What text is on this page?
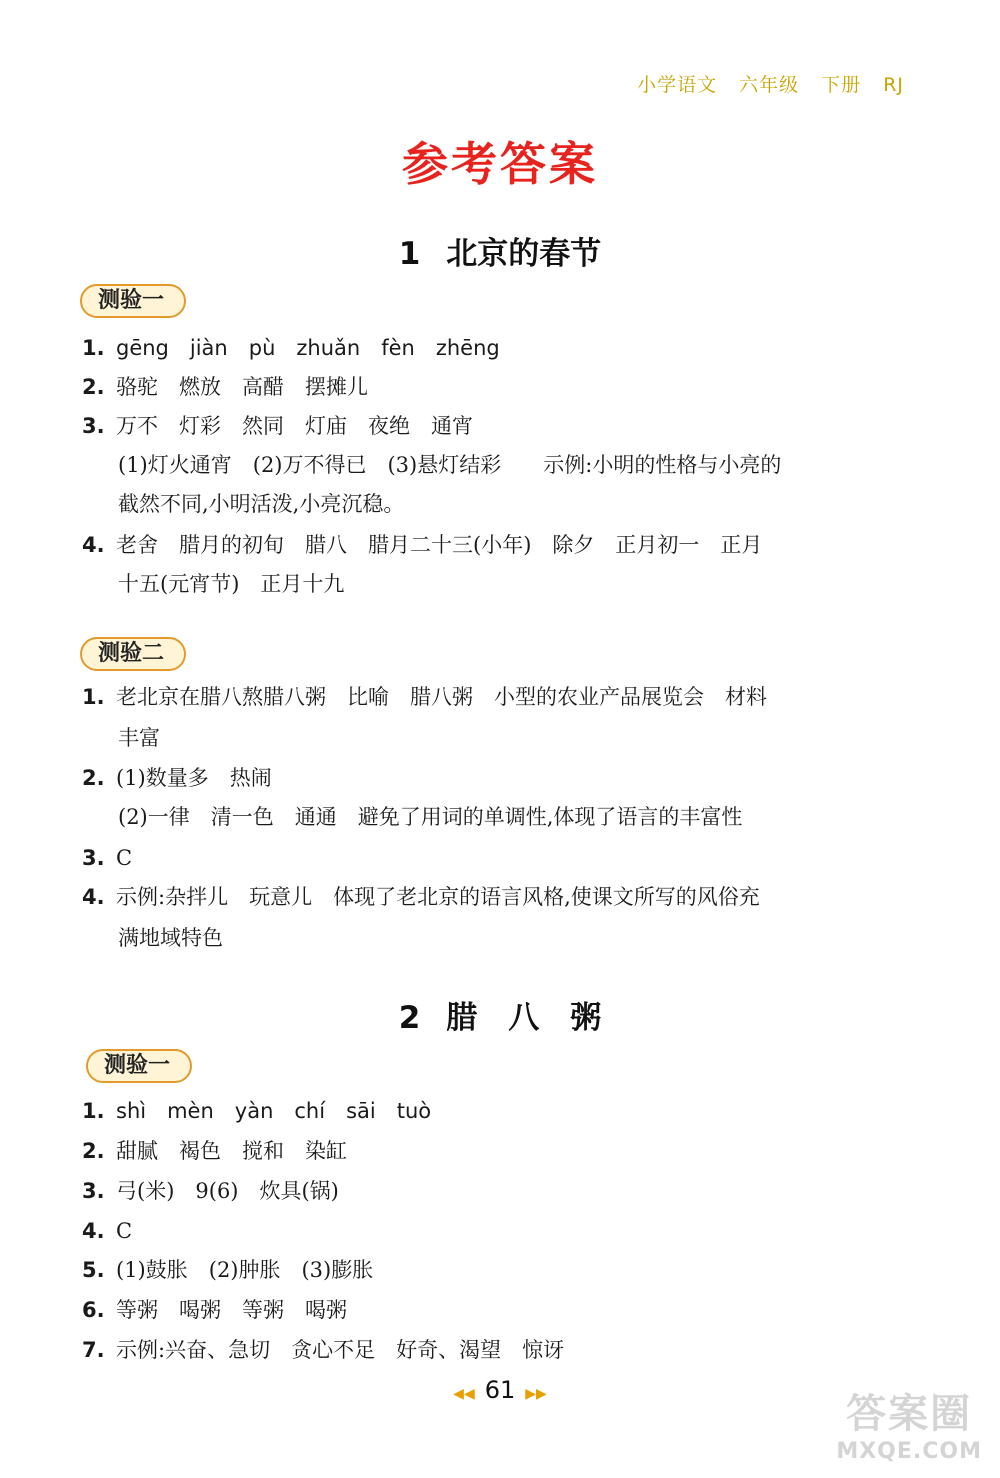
小学语文 六年级 下册 RJ
参考答案
1 北京的春节
测验一
1. gēng　jiàn　pù　zhuǎn　fèn　zhēng
2. 骆驼　燃放　高醋　摆摊儿
3. 万不　灯彩　然同　灯庙　夜绝　通宵
(1)灯火通宵　(2)万不得已　(3)悬灯结彩　　示例:小明的性格与小亮的
截然不同,小明活泼,小亮沉稳。
4. 老舍　腊月的初旬　腊八　腊月二十三(小年)　除夕　正月初一　正月
十五(元宵节)　正月十九
测验二
1. 老北京在腊八熬腊八粥　比喻　腊八粥　小型的农业产品展览会　材料
丰富
2. (1)数量多　热闹
(2)一律　清一色　通通　避免了用词的单调性,体现了语言的丰富性
3. C
4. 示例:杂拌儿　玩意儿　体现了老北京的语言风格,使课文所写的风俗充
满地域特色
2 腊　八　粥
测验一
1. shì　mèn　yàn　chí　sāi　tuò
2. 甜腻　褐色　搅和　染缸
3. 弓(米)　9(6)　炊具(锅)
4. C
5. (1)鼓胀　(2)肿胀　(3)膨胀
6. 等粥　喝粥　等粥　喝粥
7. 示例:兴奋、急切　贪心不足　好奇、渴望　惊讶
◀◀ 61 ▶▶	答案圈
MXQE.COM
